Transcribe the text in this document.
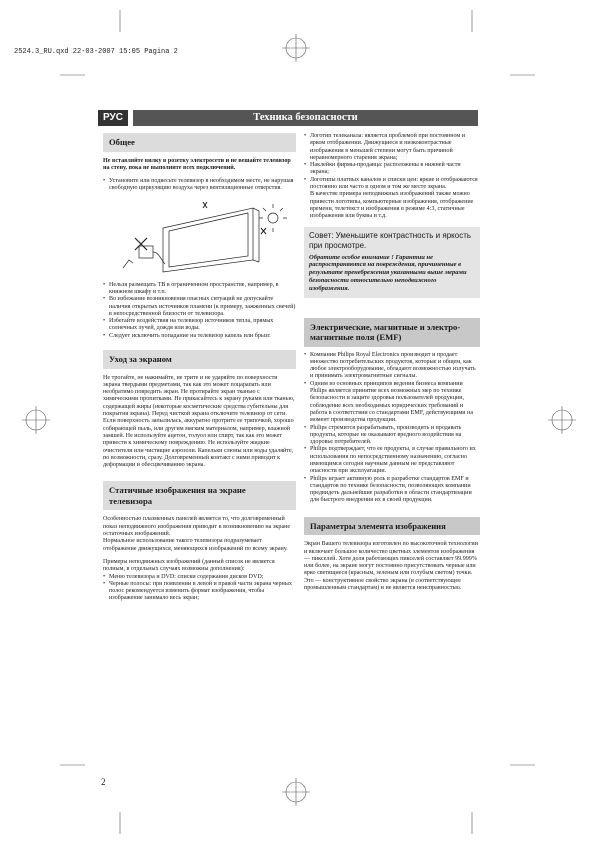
2524.3_RU.qxd 22-03-2007 15:05 Pagina 2
РУС	Техника безопасности
Общее

Не вставляйте вилку в розетку электросети и не вешайте телевизор на стену, пока не выполните всех подключений.

• Установите или подвесьте телевизор в необходимом месте, не нарушая свободную циркуляцию воздуха через вентиляционные отверстия.
• Нельзя размещать ТВ в ограниченном пространстве, например, в книжном шкафу и т.п.
• Во избежание возникновения опасных ситуаций не допускайте наличия открытых источников пламени (к примеру, зажженных свечей) в непосредственной близости от телевизора.
• Избегайте воздействия на телевизор источников тепла, прямых солнечных лучей, дождя или воды.
• Следует исключить попадание на телевизор капель или брызг.
Уход за экраном

Не трогайте, не нажимайте, не трите и не ударяйте по поверхности экрана твердыми предметами, так как это может поцарапать или необратимо повредить экран. Не протирайте экран тканью с химическими пропитками. Не прикасайтесь к экрану руками или тканью, содержащей жиры (некоторые косметические средства губительны для покрытия экрана). Перед чисткой экрана отключите телевизор от сети. Если поверхность запылилась, аккуратно протрите ее тряпочкой, хорошо собирающей пыль, или другим мягким материалом, например, влажной замшей. Не используйте ацетон, толуол или спирт, так как это может привести к химическому повреждению. Не используйте жидкие очистители или чистящие аэрозоли. Капельки слюны или воды удаляйте, по возможности, сразу. Долговременный контакт с ними приводит к деформации и обесцвечиванию экрана.

Статичные изображения на экране телевизора

Особенностью плазменных панелей является то, что долговременный показ неподвижного изображения приводит к возникновению на экране остаточных изображений.

Нормальное использование такого телевизора подразумевает отображение движущихся, меняющихся изображений по всему экрану.

Примеры неподвижных изображений (данный список не является полным, в отдельных случаях возможны дополнения):

• Меню телевизора и DVD: списки содержания дисков DVD;
• Черные полосы: при появлении в левой и правой части экрана черных полос рекомендуется изменить формат изображения, чтобы изображение занимало весь экран;
• Логотип телеканала: является проблемой при постоянном и ярком отображении. Движущиеся и низкоконтрастные изображения в меньшей степени могут быть причиной неравномерного старения экрана;
• Наклейки фирмы-продавца: расположены в нижней части экрана;
• Логотипы платных каналов и списки цен: яркие и отображаются постоянно или часто в одном и том же месте экрана.

В качестве примера неподвижных изображений также можно привести логотипы, компьютерные изображения, отображение времени, телетекст и изображения в режиме 4:3, статичные изображения или буквы и т.д.

Совет: Уменьшите контрастность и яркость при просмотре.
Обратите особое внимание ! Гарантии не распространяются на повреждения, причиненные в результате пренебрежения указанными выше мерами безопасности относительно неподвижного изображения.
Электрические, магнитные и электро-магнитные поля (EMF)
• Компания Philips Royal Electronics производит и продает множество потребительских продуктов, которые и общем, как любое электрооборудование, обладают возможностью излучать и принимать электромагнитные сигналы.
• Одним из основных принципов ведения бизнеса компании Philips является принятие всех возможных мер по технике безопасности и защите здоровья пользователей продукции, соблюдение всех необходимых юридических требований и работа в соответствии со стандартами EMF, действующими на момент производства продукции.
• Philips стремится разрабатывать, производить и продавать продукты, которые не оказывают вредного воздействия на здоровье потребителей.
• Philips подтверждает, что ее продукты, в случае правильного их использования по непосредственному назначению, согласно имеющимся сегодня научным данным не представляют опасности при эксплуатации.
• Philips играет активную роль в разработке стандартов EMF и стандартов по технике безопасности, позволяющих компании предвидеть дальнейшие разработки в области стандартизации для быстрого внедрения их в своей продукции.
Параметры элемента изображения

Экран Вашего телевизора изготовлен по высокоточной технологии и включает большое количество цветных элементов изображения — пикселей. Хотя доля работающих пикселей составляет 99.999% или более, на экране могут постоянно присутствовать черные или ярко светящиеся (красным, зеленым или голубым светом) точки. Это — конструктивное свойство экрана (в соответствующее промышленным стандартам) и не является неисправностью.

2
